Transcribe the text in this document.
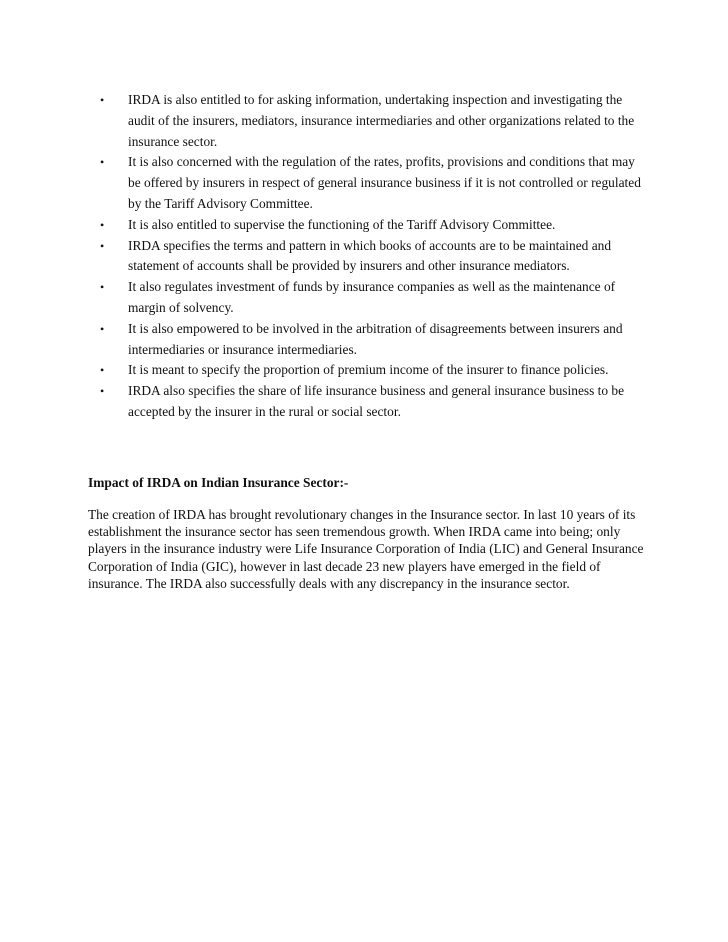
• IRDA is also entitled to for asking information, undertaking inspection and investigating the audit of the insurers, mediators, insurance intermediaries and other organizations related to the insurance sector.
• It is also concerned with the regulation of the rates, profits, provisions and conditions that may be offered by insurers in respect of general insurance business if it is not controlled or regulated by the Tariff Advisory Committee.
• It is also entitled to supervise the functioning of the Tariff Advisory Committee.
• IRDA specifies the terms and pattern in which books of accounts are to be maintained and statement of accounts shall be provided by insurers and other insurance mediators.
• It also regulates investment of funds by insurance companies as well as the maintenance of margin of solvency.
• It is also empowered to be involved in the arbitration of disagreements between insurers and intermediaries or insurance intermediaries.
• It is meant to specify the proportion of premium income of the insurer to finance policies.
• IRDA also specifies the share of life insurance business and general insurance business to be accepted by the insurer in the rural or social sector.

Impact of IRDA on Indian Insurance Sector:-

The creation of IRDA has brought revolutionary changes in the Insurance sector. In last 10 years of its establishment the insurance sector has seen tremendous growth. When IRDA came into being; only players in the insurance industry were Life Insurance Corporation of India (LIC) and General Insurance Corporation of India (GIC), however in last decade 23 new players have emerged in the field of insurance. The IRDA also successfully deals with any discrepancy in the insurance sector.
